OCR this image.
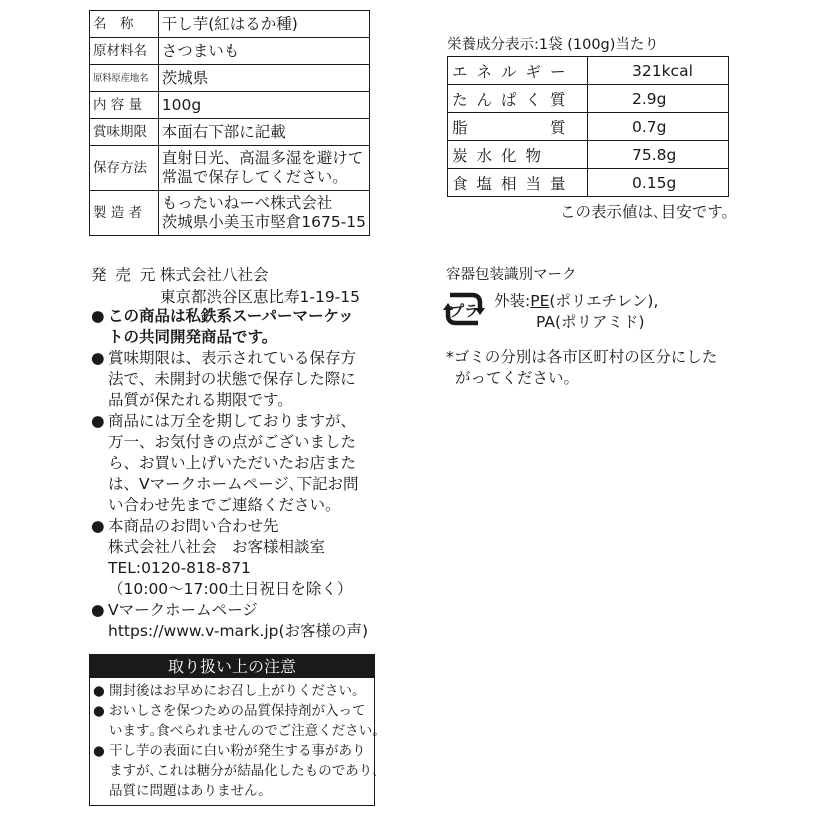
名　称	干し芋(紅はるか種)

原材料名	さつまいも

原料原産地名	茨城県

内 容 量	100g

賞味期限	本面右下部に記載

保存方法	直射日光、高温多湿を避けて
常温で保存してください。

製 造 者	もったいねーべ株式会社
茨城県小美玉市堅倉1675-15
栄養成分表示:1袋 (100g)当たり
エネルギー	321kcal
たんぱく質	2.9g
脂　　　質	0.7g
炭水化物	75.8g
食塩相当量	0.15g
この表示値は､目安です。
発 売 元 株式会社八社会
東京都渋谷区恵比寿1-19-15
● この商品は私鉄系スーパーマーケッ
トの共同開発商品です。
● 賞味期限は、表示されている保存方
法で、未開封の状態で保存した際に
品質が保たれる期限です。
● 商品には万全を期しておりますが、
万一、お気付きの点がございました
ら、お買い上げいただいたお店また
は、Vマークホームページ､下記お問
い合わせ先までご連絡ください。
● 本商品のお問い合わせ先
株式会社八社会　お客様相談室
TEL:0120-818-871
（10:00～17:00土日祝日を除く）
● Vマークホームページ
https://www.v-mark.jp(お客様の声)
取り扱い上の注意
● 開封後はお早めにお召し上がりください。
● おいしさを保つための品質保持剤が入って
います｡食べられませんのでご注意ください｡
● 干し芋の表面に白い粉が発生する事があり
ますが､これは糖分が結晶化したものであり､
品質に問題はありません。
容器包装識別マーク
プラ
外装:PE(ポリエチレン),
PA(ポリアミド)
*ゴミの分別は各市区町村の区分にした
がってください。
